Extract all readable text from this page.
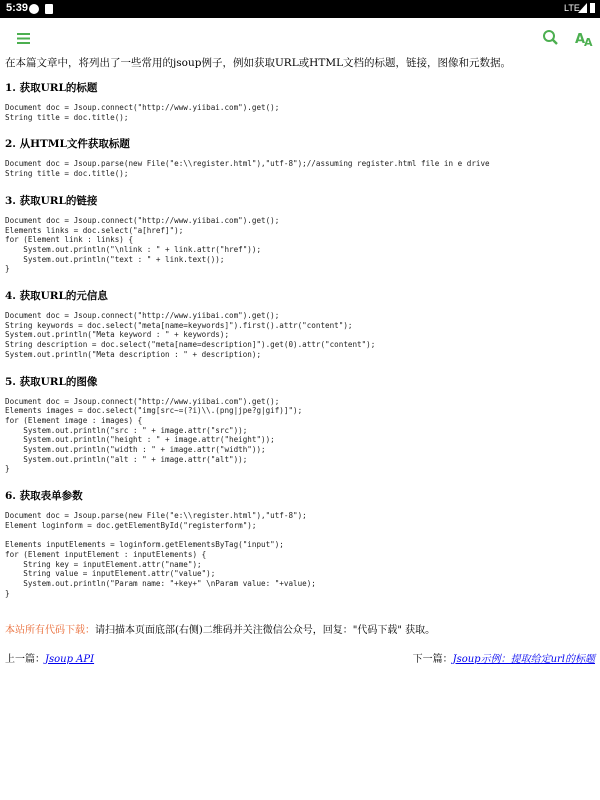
5:39	LTE
A
A

在本篇文章中，将列出了一些常用的jsoup例子，例如获取URL或HTML文档的标题，链接，图像和元数据。

1. 获取URL的标题
Document doc = Jsoup.connect("http://www.yiibai.com").get();
String title = doc.title();
2. 从HTML文件获取标题
Document doc = Jsoup.parse(new File("e:\\register.html"),"utf-8");//assuming register.html file in e drive
String title = doc.title();
3. 获取URL的链接
Document doc = Jsoup.connect("http://www.yiibai.com").get();
Elements links = doc.select("a[href]");
for (Element link : links) {
System.out.println("\nlink : " + link.attr("href"));
System.out.println("text : " + link.text());
}
4. 获取URL的元信息
Document doc = Jsoup.connect("http://www.yiibai.com").get();
String keywords = doc.select("meta[name=keywords]").first().attr("content");
System.out.println("Meta keyword : " + keywords);
String description = doc.select("meta[name=description]").get(0).attr("content");
System.out.println("Meta description : " + description);
5. 获取URL的图像
Document doc = Jsoup.connect("http://www.yiibai.com").get();
Elements images = doc.select("img[src~=(?i)\\.(png|jpe?g|gif)]");
for (Element image : images) {
System.out.println("src : " + image.attr("src"));
System.out.println("height : " + image.attr("height"));
System.out.println("width : " + image.attr("width"));
System.out.println("alt : " + image.attr("alt"));
}
6. 获取表单参数
Document doc = Jsoup.parse(new File("e:\\register.html"),"utf-8");
Element loginform = doc.getElementById("registerform");

Elements inputElements = loginform.getElementsByTag("input");
for (Element inputElement : inputElements) {
String key = inputElement.attr("name");
String value = inputElement.attr("value");
System.out.println("Param name: "+key+" \nParam value: "+value);
}
本站所有代码下载：请扫描本页面底部(右侧)二维码并关注微信公众号，回复："代码下载" 获取。
上一篇：Jsoup API	下一篇：Jsoup示例：提取给定url的标题
